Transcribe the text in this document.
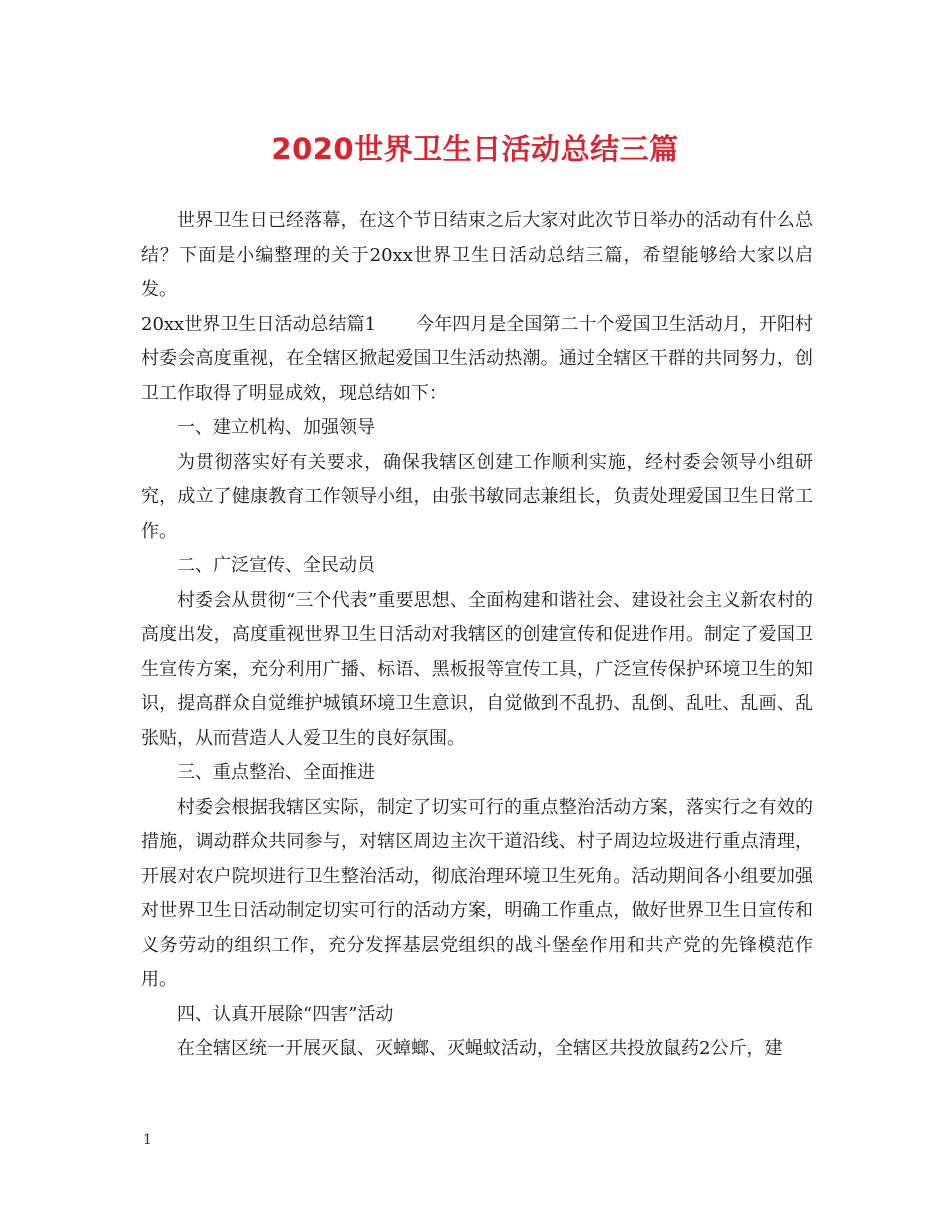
2020世界卫生日活动总结三篇

世界卫生日已经落幕，在这个节日结束之后大家对此次节日举办的活动有什么总结？下面是小编整理的关于20xx世界卫生日活动总结三篇，希望能够给大家以启发。

20xx世界卫生日活动总结篇1 今年四月是全国第二十个爱国卫生活动月，开阳村村委会高度重视，在全辖区掀起爱国卫生活动热潮。通过全辖区干群的共同努力，创卫工作取得了明显成效，现总结如下：

一、建立机构、加强领导

为贯彻落实好有关要求，确保我辖区创建工作顺利实施，经村委会领导小组研究，成立了健康教育工作领导小组，由张书敏同志兼组长，负责处理爱国卫生日常工作。

二、广泛宣传、全民动员

村委会从贯彻“三个代表”重要思想、全面构建和谐社会、建设社会主义新农村的高度出发，高度重视世界卫生日活动对我辖区的创建宣传和促进作用。制定了爱国卫生宣传方案，充分利用广播、标语、黑板报等宣传工具，广泛宣传保护环境卫生的知识，提高群众自觉维护城镇环境卫生意识，自觉做到不乱扔、乱倒、乱吐、乱画、乱张贴，从而营造人人爱卫生的良好氛围。

三、重点整治、全面推进

村委会根据我辖区实际，制定了切实可行的重点整治活动方案，落实行之有效的措施，调动群众共同参与，对辖区周边主次干道沿线、村子周边垃圾进行重点清理，开展对农户院坝进行卫生整治活动，彻底治理环境卫生死角。活动期间各小组要加强对世界卫生日活动制定切实可行的活动方案，明确工作重点，做好世界卫生日宣传和义务劳动的组织工作，充分发挥基层党组织的战斗堡垒作用和共产党的先锋模范作用。

四、认真开展除“四害”活动

在全辖区统一开展灭鼠、灭蟑螂、灭蝇蚊活动，全辖区共投放鼠药2公斤，建

1
